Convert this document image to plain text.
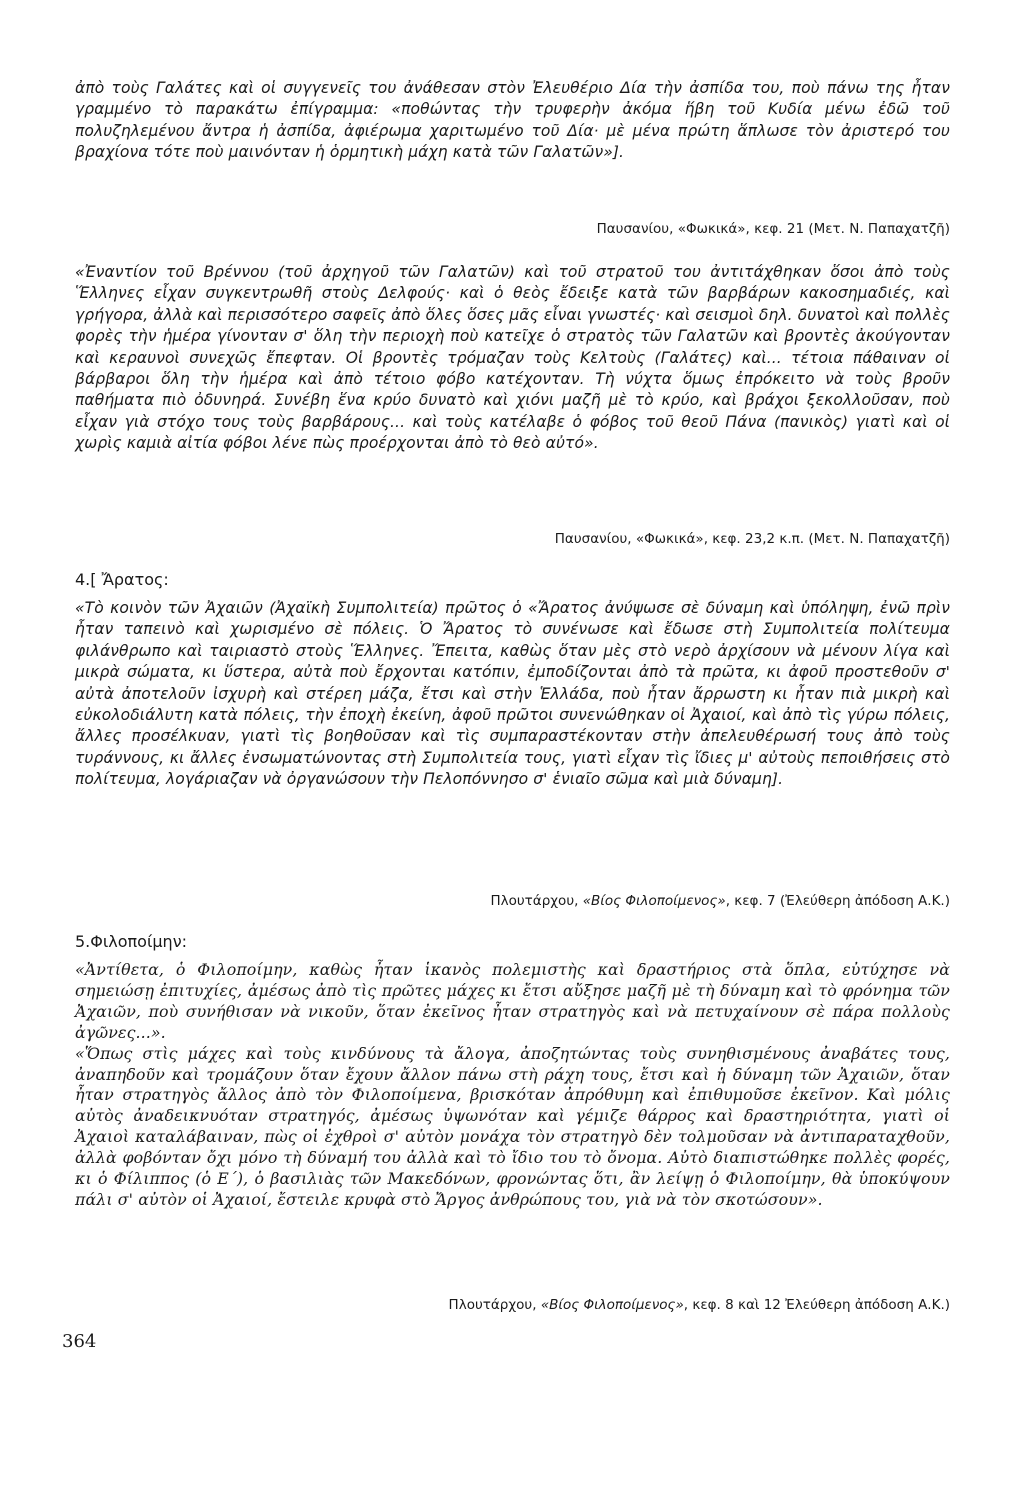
ἀπὸ τοὺς Γαλάτες καὶ οἱ συγγενεῖς του ἀνάθεσαν στὸν Ἐλευθέριο Δία τὴν ἀσπίδα του, ποὺ πάνω της ἦταν γραμμένο τὸ παρακάτω ἐπίγραμμα: «ποθώντας τὴν τρυφερὴν ἀκόμα ἥβη τοῦ Κυδία μένω ἐδῶ τοῦ πολυζηλεμένου ἄντρα ἡ ἀσπίδα, ἀφιέρωμα χαριτωμένο τοῦ Δία· μὲ μένα πρώτη ἅπλωσε τὸν ἀριστερό του βραχίονα τότε ποὺ μαινόνταν ἡ ὁρμητικὴ μάχη κατὰ τῶν Γαλατῶν»].

Παυσανίου, «Φωκικά», κεφ. 21 (Μετ. Ν. Παπαχατζῆ)

«Ἐναντίον τοῦ Βρέννου (τοῦ ἀρχηγοῦ τῶν Γαλατῶν) καὶ τοῦ στρατοῦ του ἀντιτάχθηκαν ὅσοι ἀπὸ τοὺς Ἕλληνες εἶχαν συγκεντρωθῆ στοὺς Δελφούς· καὶ ὁ θεὸς ἔδειξε κατὰ τῶν βαρβάρων κακοσημαδιές, καὶ γρήγορα, ἀλλὰ καὶ περισσότερο σαφεῖς ἀπὸ ὅλες ὅσες μᾶς εἶναι γνωστές· καὶ σεισμοὶ δηλ. δυνατοὶ καὶ πολλὲς φορὲς τὴν ἡμέρα γίνονταν σ' ὅλη τὴν περιοχὴ ποὺ κατεῖχε ὁ στρατὸς τῶν Γαλατῶν καὶ βροντὲς ἀκούγονταν καὶ κεραυνοὶ συνεχῶς ἔπεφταν. Οἱ βροντὲς τρόμαζαν τοὺς Κελτοὺς (Γαλάτες) καὶ... τέτοια πάθαιναν οἱ βάρβαροι ὅλη τὴν ἡμέρα καὶ ἀπὸ τέτοιο φόβο κατέχονταν. Τὴ νύχτα ὅμως ἐπρόκειτο νὰ τοὺς βροῦν παθήματα πιὸ ὀδυνηρά. Συνέβη ἕνα κρύο δυνατὸ καὶ χιόνι μαζῆ μὲ τὸ κρύο, καὶ βράχοι ξεκολλοῦσαν, ποὺ εἶχαν γιὰ στόχο τους τοὺς βαρβάρους... καὶ τοὺς κατέλαβε ὁ φόβος τοῦ θεοῦ Πάνα (πανικὸς) γιατὶ καὶ οἱ χωρὶς καμιὰ αἰτία φόβοι λένε πὼς προέρχονται ἀπὸ τὸ θεὸ αὐτό».

Παυσανίου, «Φωκικά», κεφ. 23,2 κ.π. (Μετ. Ν. Παπαχατζῆ)
4.[ Ἄρατος:

«Τὸ κοινὸν τῶν Ἀχαιῶν (Ἀχαϊκὴ Συμπολιτεία) πρῶτος ὁ «Ἄρατος ἀνύψωσε σὲ δύναμη καὶ ὑπόληψη, ἐνῶ πρὶν ἦταν ταπεινὸ καὶ χωρισμένο σὲ πόλεις. Ὁ Ἄρατος τὸ συνένωσε καὶ ἔδωσε στὴ Συμπολιτεία πολίτευμα φιλάνθρωπο καὶ ταιριαστὸ στοὺς Ἕλληνες. Ἔπειτα, καθὼς ὅταν μὲς στὸ νερὸ ἀρχίσουν νὰ μένουν λίγα καὶ μικρὰ σώματα, κι ὕστερα, αὐτὰ ποὺ ἔρχονται κατόπιν, ἐμποδίζονται ἀπὸ τὰ πρῶτα, κι ἀφοῦ προστεθοῦν σ' αὐτὰ ἀποτελοῦν ἰσχυρὴ καὶ στέρεη μάζα, ἔτσι καὶ στὴν Ἑλλάδα, ποὺ ἦταν ἄρρωστη κι ἦταν πιὰ μικρὴ καὶ εὐκολοδιάλυτη κατὰ πόλεις, τὴν ἐποχὴ ἐκείνη, ἀφοῦ πρῶτοι συνενώθηκαν οἱ Ἀχαιοί, καὶ ἀπὸ τὶς γύρω πόλεις, ἄλλες προσέλκυαν, γιατὶ τὶς βοηθοῦσαν καὶ τὶς συμπαραστέκονταν στὴν ἀπελευθέρωσή τους ἀπὸ τοὺς τυράννους, κι ἄλλες ἐνσωματώνοντας στὴ Συμπολιτεία τους, γιατὶ εἶχαν τὶς ἴδιες μ' αὐτοὺς πεποιθήσεις στὸ πολίτευμα, λογάριαζαν νὰ ὀργανώσουν τὴν Πελοπόννησο σ' ἑνιαῖο σῶμα καὶ μιὰ δύναμη].

Πλουτάρχου, «Βίος Φιλοποίμενος», κεφ. 7 (Ἐλεύθερη ἀπόδοση Α.Κ.)
5.Φιλοποίμην:

«Ἀντίθετα, ὁ Φιλοποίμην, καθὼς ἦταν ἱκανὸς πολεμιστὴς καὶ δραστήριος στὰ ὅπλα, εὐτύχησε νὰ σημειώσῃ ἐπιτυχίες, ἀμέσως ἀπὸ τὶς πρῶτες μάχες κι ἔτσι αὔξησε μαζῆ μὲ τὴ δύναμη καὶ τὸ φρόνημα τῶν Ἀχαιῶν, ποὺ συνήθισαν νὰ νικοῦν, ὅταν ἐκεῖνος ἦταν στρατηγὸς καὶ νὰ πετυχαίνουν σὲ πάρα πολλοὺς ἀγῶνες...».

«Ὅπως στὶς μάχες καὶ τοὺς κινδύνους τὰ ἄλογα, ἀποζητώντας τοὺς συνηθισμένους ἀναβάτες τους, ἀναπηδοῦν καὶ τρομάζουν ὅταν ἔχουν ἄλλον πάνω στὴ ράχη τους, ἔτσι καὶ ἡ δύναμη τῶν Ἀχαιῶν, ὅταν ἦταν στρατηγὸς ἄλλος ἀπὸ τὸν Φιλοποίμενα, βρισκόταν ἀπρόθυμη καὶ ἐπιθυμοῦσε ἐκεῖνον. Καὶ μόλις αὐτὸς ἀναδεικνυόταν στρατηγός, ἀμέσως ὑψωνόταν καὶ γέμιζε θάρρος καὶ δραστηριότητα, γιατὶ οἱ Ἀχαιοὶ καταλάβαιναν, πὼς οἱ ἐχθροὶ σ' αὐτὸν μονάχα τὸν στρατηγὸ δὲν τολμοῦσαν νὰ ἀντιπαραταχθοῦν, ἀλλὰ φοβόνταν ὄχι μόνο τὴ δύναμή του ἀλλὰ καὶ τὸ ἴδιο του τὸ ὄνομα. Αὐτὸ διαπιστώθηκε πολλὲς φορές, κι ὁ Φίλιππος (ὁ Ε΄), ὁ βασιλιὰς τῶν Μακεδόνων, φρονώντας ὅτι, ἂν λείψῃ ὁ Φιλοποίμην, θὰ ὑποκύψουν πάλι σ' αὐτὸν οἱ Ἀχαιοί, ἔστειλε κρυφὰ στὸ Ἄργος ἀνθρώπους του, γιὰ νὰ τὸν σκοτώσουν».

Πλουτάρχου, «Βίος Φιλοποίμενος», κεφ. 8 καὶ 12 Ἐλεύθερη ἀπόδοση Α.Κ.)
364
